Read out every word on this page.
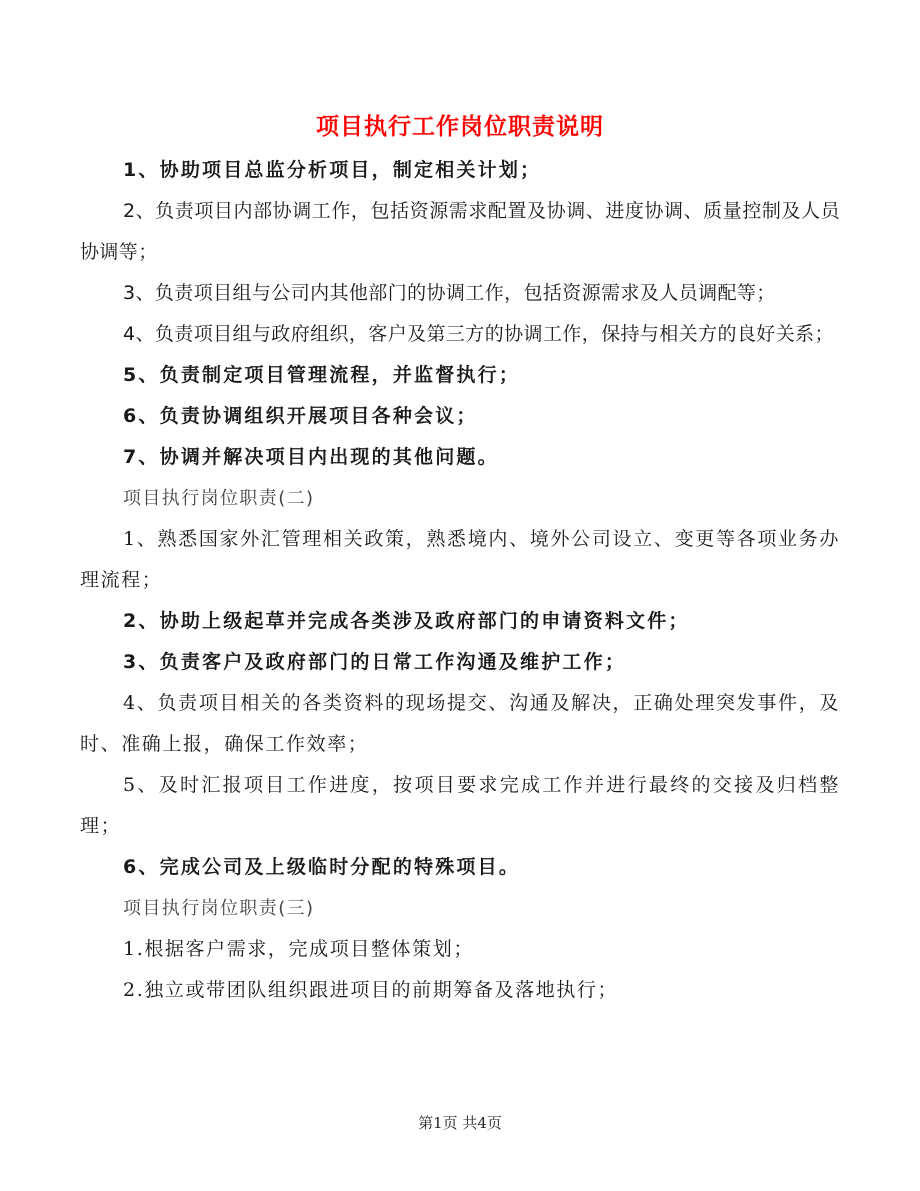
项目执行工作岗位职责说明

1、协助项目总监分析项目，制定相关计划；

2、负责项目内部协调工作，包括资源需求配置及协调、进度协调、质量控制及人员协调等；

3、负责项目组与公司内其他部门的协调工作，包括资源需求及人员调配等；

4、负责项目组与政府组织，客户及第三方的协调工作，保持与相关方的良好关系；

5、负责制定项目管理流程，并监督执行；

6、负责协调组织开展项目各种会议；

7、协调并解决项目内出现的其他问题。

项目执行岗位职责(二)

1、熟悉国家外汇管理相关政策，熟悉境内、境外公司设立、变更等各项业务办理流程；

2、协助上级起草并完成各类涉及政府部门的申请资料文件；

3、负责客户及政府部门的日常工作沟通及维护工作；

4、负责项目相关的各类资料的现场提交、沟通及解决，正确处理突发事件，及时、准确上报，确保工作效率；

5、及时汇报项目工作进度，按项目要求完成工作并进行最终的交接及归档整理；

6、完成公司及上级临时分配的特殊项目。

项目执行岗位职责(三)

1.根据客户需求，完成项目整体策划；

2.独立或带团队组织跟进项目的前期筹备及落地执行；

第1页 共4页
